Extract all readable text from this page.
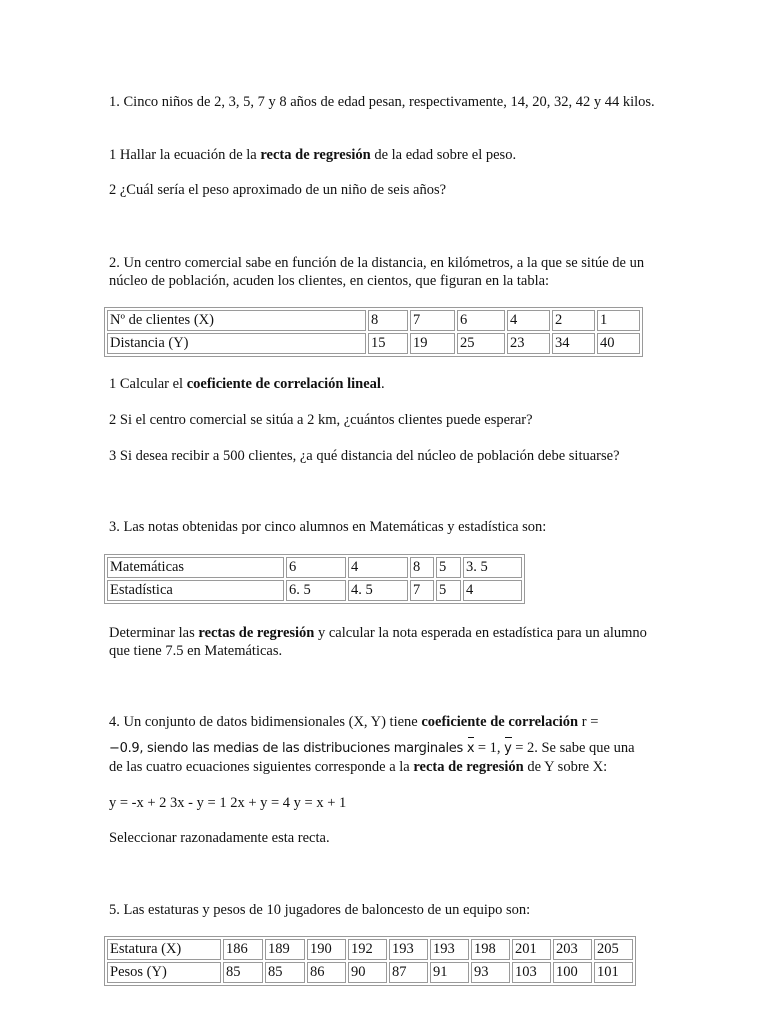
1. Cinco niños de 2, 3, 5, 7 y 8 años de edad pesan, respectivamente, 14, 20, 32, 42 y 44 kilos.

1 Hallar la ecuación de la recta de regresión de la edad sobre el peso.

2 ¿Cuál sería el peso aproximado de un niño de seis años?

2. Un centro comercial sabe en función de la distancia, en kilómetros, a la que se sitúe de un núcleo de población, acuden los clientes, en cientos, que figuran en la tabla:

Nº de clientes (X)	8	7	6	4	2	1
Distancia (Y)	15	19	25	23	34	40

1 Calcular el coeficiente de correlación lineal.

2 Si el centro comercial se sitúa a 2 km, ¿cuántos clientes puede esperar?

3 Si desea recibir a 500 clientes, ¿a qué distancia del núcleo de población debe situarse?

3. Las notas obtenidas por cinco alumnos en Matemáticas y estadística son:

Matemáticas	6	4	8	5	3. 5
Estadística	6. 5	4. 5	7	5	4

Determinar las rectas de regresión y calcular la nota esperada en estadística para un alumno que tiene 7.5 en Matemáticas.

4. Un conjunto de datos bidimensionales (X, Y) tiene coeficiente de correlación r =

−0.9, siendo las medias de las distribuciones marginales x = 1, y = 2. Se sabe que una

de las cuatro ecuaciones siguientes corresponde a la recta de regresión de Y sobre X:

y = -x + 2 3x - y = 1 2x + y = 4 y = x + 1

Seleccionar razonadamente esta recta.

5. Las estaturas y pesos de 10 jugadores de baloncesto de un equipo son:

Estatura (X)	186	189	190	192	193	193	198	201	203	205
Pesos (Y)	85	85	86	90	87	91	93	103	100	101
